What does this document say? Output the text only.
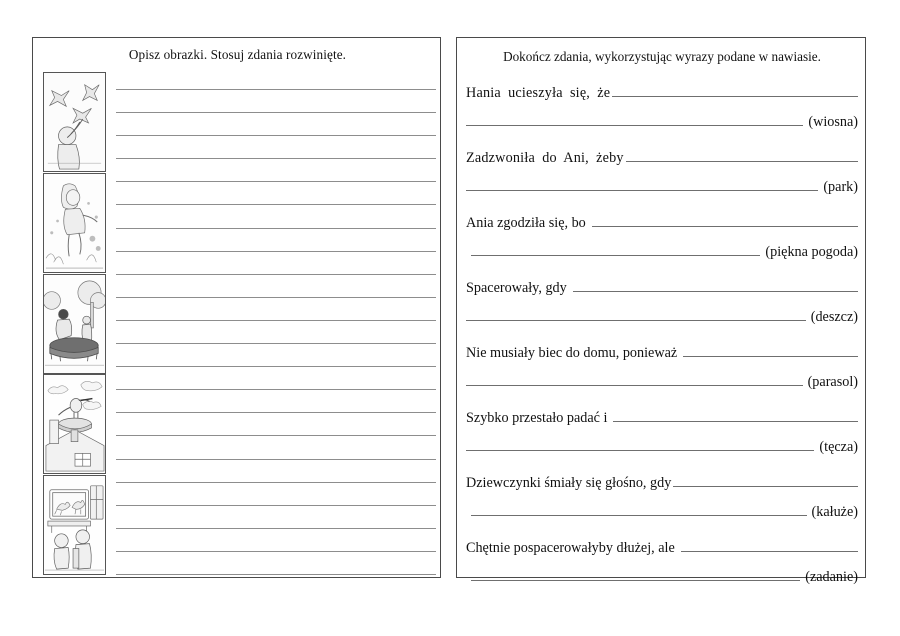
Opisz obrazki. Stosuj zdania rozwinięte.	Dokończ zdania, wykorzystując wyrazy podane w nawiasie.
Hania ucieszyła się, że
(wiosna)
Zadzwoniła do Ani, żeby
(park)
Ania zgodziła się, bo
(piękna pogoda)
Spacerowały, gdy
(deszcz)
Nie musiały biec do domu, ponieważ
(parasol)
Szybko przestało padać i
(tęcza)
Dziewczynki śmiały się głośno, gdy
(kałuże)
Chętnie pospacerowałyby dłużej, ale
(zadanie)
